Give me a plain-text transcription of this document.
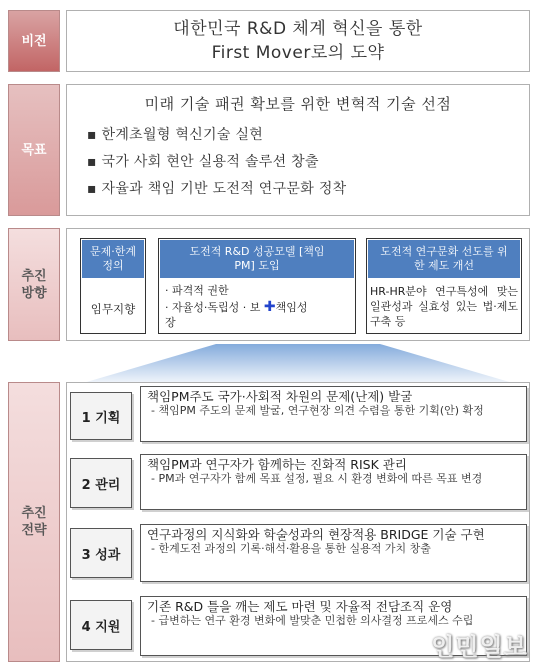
비전
대한민국 R&D 체계 혁신을 통한
First Mover로의 도약
목표
미래 기술 패권 확보를 위한 변혁적 기술 선점
▪ 한계초월형 혁신기술 실현
▪ 국가 사회 현안 실용적 솔루션 창출
▪ 자율과 책임 기반 도전적 연구문화 정착
추진
방향
문제·한계 정의
임무지향
도전적 R&D 성공모델 [책임 PM] 도입
· 파격적 권한
· 자율성·독립성 · 보 ✚책임성
장
도전적 연구문화 선도를 위한 제도 개선
HR-HR분야 연구특성에 맞는 일관성과 실효성 있는 법·제도 구축 등
추진
전략
1 기획
책임PM주도 국가·사회적 차원의 문제(난제) 발굴
- 책임PM 주도의 문제 발굴, 연구현장 의견 수렴을 통한 기획(안) 확정
2 관리
책임PM과 연구자가 함께하는 진화적 RISK 관리
- PM과 연구자가 함께 목표 설정, 필요 시 환경 변화에 따른 목표 변경
3 성과
연구과정의 지식화와 학술성과의 현장적용 BRIDGE 기술 구현
- 한계도전 과정의 기록·해석·활용을 통한 실용적 가치 창출
4 지원
기존 R&D 틀을 깨는 제도 마련 및 자율적 전담조직 운영
- 급변하는 연구 환경 변화에 발맞춘 민첩한 의사결정 프로세스 수립
인민일보
